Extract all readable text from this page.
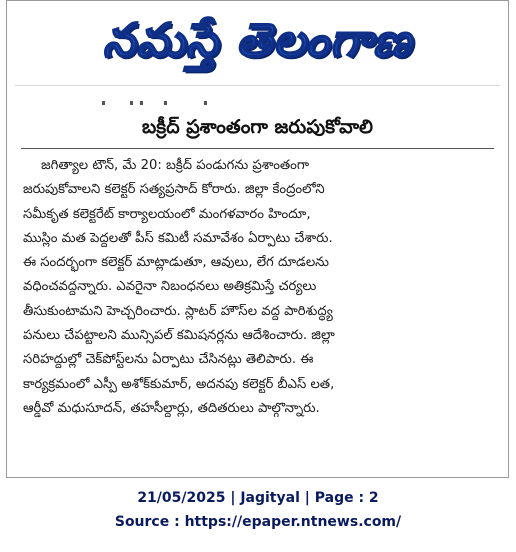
నమస్తే తెలంగాణ
బక్రీద్ ప్రశాంతంగా జరుపుకోవాలి
జగిత్యాల టౌన్, మే 20: బక్రీద్ పండుగను ప్రశాంతంగా
జరుపుకోవాలని కలెక్టర్ సత్యప్రసాద్ కోరారు. జిల్లా కేంద్రంలోని
సమీకృత కలెక్టరేట్ కార్యాలయంలో మంగళవారం హిందూ,
ముస్లిం మత పెద్దలతో పీస్ కమిటీ సమావేశం ఏర్పాటు చేశారు.
ఈ సందర్భంగా కలెక్టర్ మాట్లాడుతూ, ఆవులు, లేగ దూడలను
వధించవద్దన్నారు. ఎవరైనా నిబంధనలు అతిక్రమిస్తే చర్యలు
తీసుకుంటామని హెచ్చరించారు. స్లాటర్ హౌస్‌ల వద్ద పారిశుద్ధ్య
పనులు చేపట్టాలని మున్సిపల్ కమిషనర్లను ఆదేశించారు. జిల్లా
సరిహద్దుల్లో చెక్‌పోస్ట్‌లను ఏర్పాటు చేసినట్లు తెలిపారు. ఈ
కార్యక్రమంలో ఎస్పీ అశోక్‌కుమార్, అదనపు కలెక్టర్ బీఎస్ లత,
ఆర్డీవో మధుసూదన్, తహసీల్దార్లు, తదితరులు పాల్గొన్నారు.
21/05/2025 | Jagityal | Page : 2
Source : https://epaper.ntnews.com/
